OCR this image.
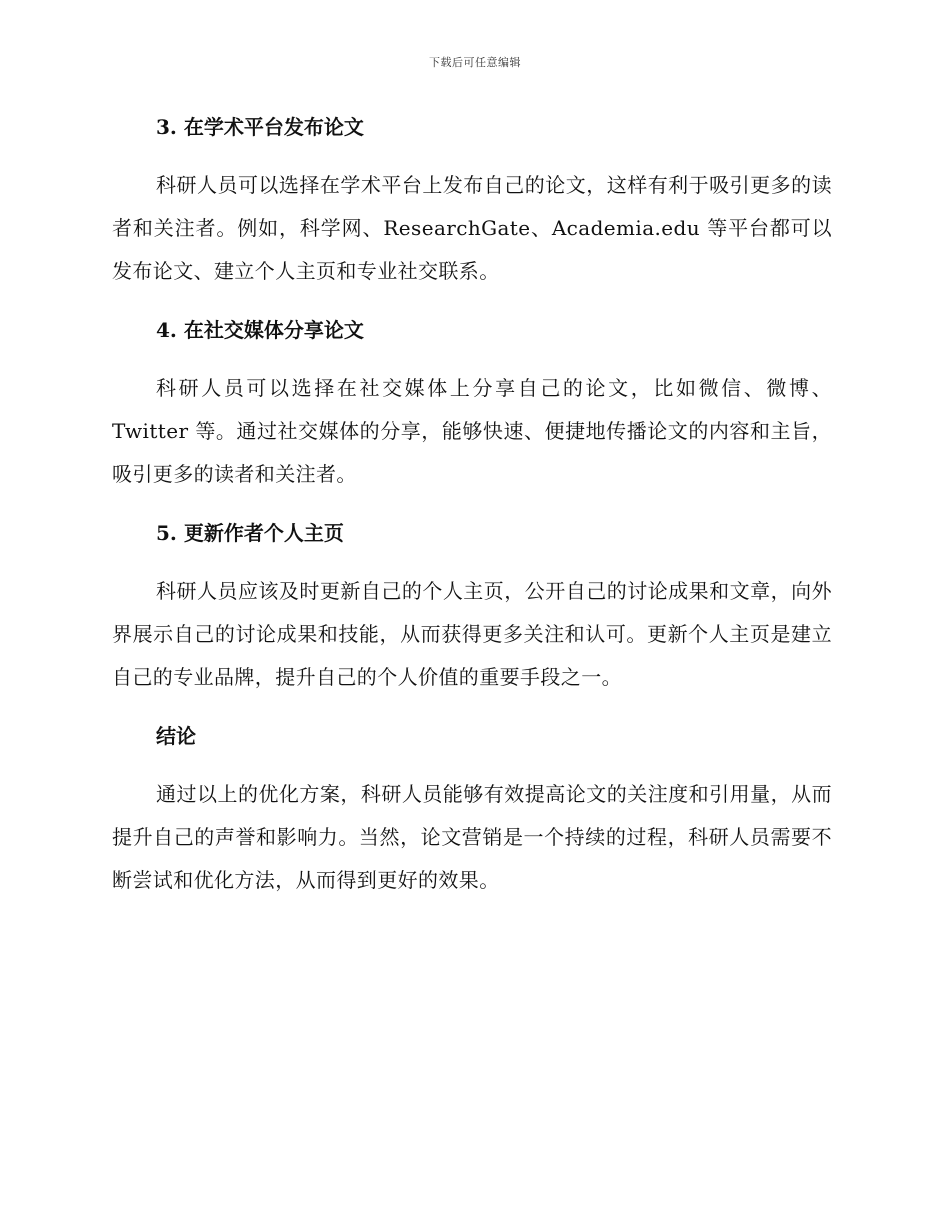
下载后可任意编辑
3. 在学术平台发布论文
科研人员可以选择在学术平台上发布自己的论文，这样有利于吸引更多的读者和关注者。例如，科学网、ResearchGate、Academia.edu 等平台都可以发布论文、建立个人主页和专业社交联系。
4. 在社交媒体分享论文
科研人员可以选择在社交媒体上分享自己的论文，比如微信、微博、Twitter 等。通过社交媒体的分享，能够快速、便捷地传播论文的内容和主旨，吸引更多的读者和关注者。
5. 更新作者个人主页
科研人员应该及时更新自己的个人主页，公开自己的讨论成果和文章，向外界展示自己的讨论成果和技能，从而获得更多关注和认可。更新个人主页是建立自己的专业品牌，提升自己的个人价值的重要手段之一。
结论
通过以上的优化方案，科研人员能够有效提高论文的关注度和引用量，从而提升自己的声誉和影响力。当然，论文营销是一个持续的过程，科研人员需要不断尝试和优化方法，从而得到更好的效果。
